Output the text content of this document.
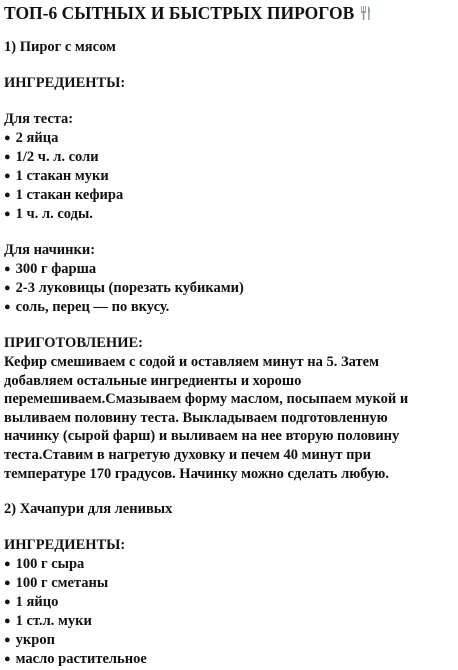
ТОП-6 СЫТНЫХ И БЫСТРЫХ ПИРОГОВ
1) Пирог с мясом
ИНГРЕДИЕНТЫ:
Для теста:
● 2 яйца
● 1/2 ч. л. соли
● 1 стакан муки
● 1 стакан кефира
● 1 ч. л. соды.
Для начинки:
● 300 г фарша
● 2-3 луковицы (порезать кубиками)
● соль, перец — по вкусу.
ПРИГОТОВЛЕНИЕ:
Кефир смешиваем с содой и оставляем минут на 5. Затем
добавляем остальные ингредиенты и хорошо
перемешиваем.Смазываем форму маслом, посыпаем мукой и
выливаем половину теста. Выкладываем подготовленную
начинку (сырой фарш) и выливаем на нее вторую половину
теста.Ставим в нагретую духовку и печем 40 минут при
температуре 170 градусов. Начинку можно сделать любую.
2) Хачапури для ленивых
ИНГРЕДИЕНТЫ:
● 100 г сыра
● 100 г сметаны
● 1 яйцо
● 1 ст.л. муки
● укроп
● масло растительное
